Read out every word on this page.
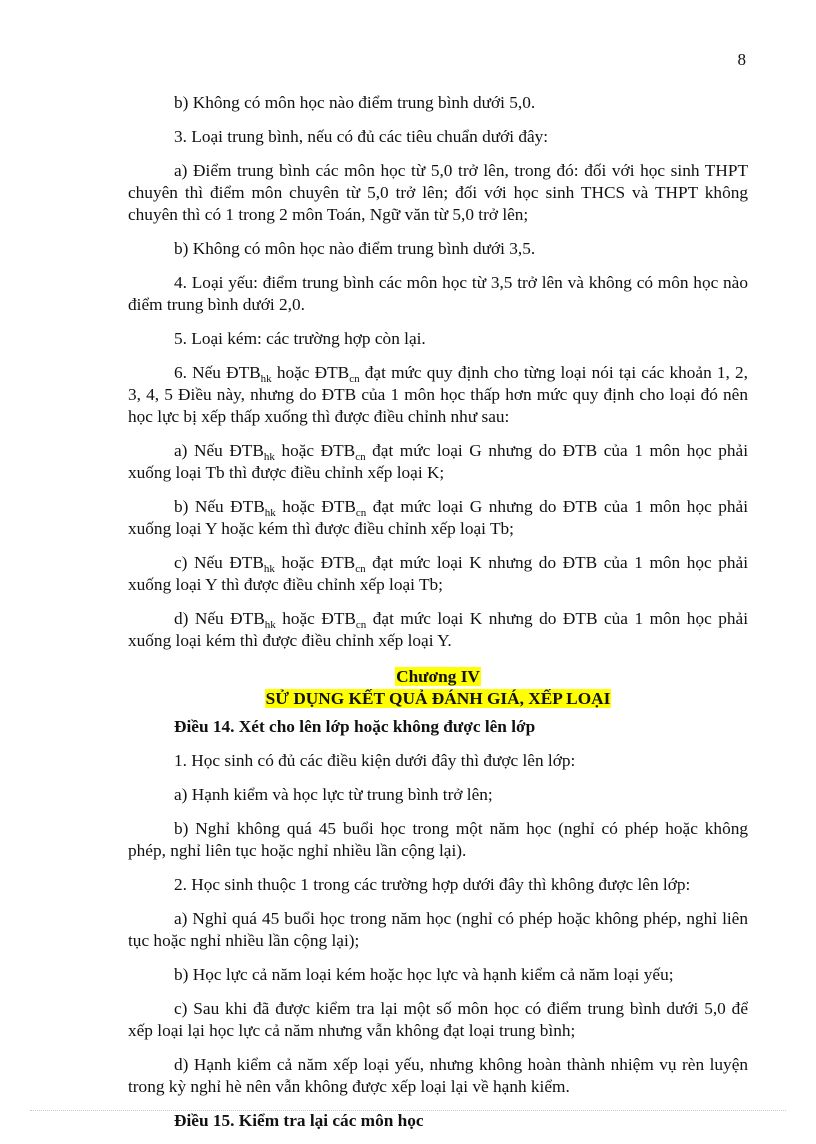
8

b) Không có môn học nào điểm trung bình dưới 5,0.

3. Loại trung bình, nếu có đủ các tiêu chuẩn dưới đây:

a) Điểm trung bình các môn học từ 5,0 trở lên, trong đó: đối với học sinh THPT chuyên thì điểm môn chuyên từ 5,0 trở lên; đối với học sinh THCS và THPT không chuyên thì có 1 trong 2 môn Toán, Ngữ văn từ 5,0 trở lên;

b) Không có môn học nào điểm trung bình dưới 3,5.

4. Loại yếu: điểm trung bình các môn học từ 3,5 trở lên và không có môn học nào điểm trung bình dưới 2,0.

5. Loại kém: các trường hợp còn lại.

6. Nếu $ĐTB_{hk}$ hoặc $ĐTB_{cn}$ đạt mức quy định cho từng loại nói tại các khoản 1, 2, 3, 4, 5 Điều này, nhưng do ĐTB của 1 môn học thấp hơn mức quy định cho loại đó nên học lực bị xếp thấp xuống thì được điều chỉnh như sau:

a) Nếu $ĐTB_{hk}$ hoặc $ĐTB_{cn}$ đạt mức loại G nhưng do ĐTB của 1 môn học phải xuống loại Tb thì được điều chỉnh xếp loại K;

b) Nếu $ĐTB_{hk}$ hoặc $ĐTB_{cn}$ đạt mức loại G nhưng do ĐTB của 1 môn học phải xuống loại Y hoặc kém thì được điều chỉnh xếp loại Tb;

c) Nếu $ĐTB_{hk}$ hoặc $ĐTB_{cn}$ đạt mức loại K nhưng do ĐTB của 1 môn học phải xuống loại Y thì được điều chỉnh xếp loại Tb;

d) Nếu $ĐTB_{hk}$ hoặc $ĐTB_{cn}$ đạt mức loại K nhưng do ĐTB của 1 môn học phải xuống loại kém thì được điều chỉnh xếp loại Y.

Chương IV
SỬ DỤNG KẾT QUẢ ĐÁNH GIÁ, XẾP LOẠI

Điều 14. Xét cho lên lớp hoặc không được lên lớp

1. Học sinh có đủ các điều kiện dưới đây thì được lên lớp:

a) Hạnh kiểm và học lực từ trung bình trở lên;

b) Nghỉ không quá 45 buổi học trong một năm học (nghỉ có phép hoặc không phép, nghỉ liên tục hoặc nghỉ nhiều lần cộng lại).

2. Học sinh thuộc 1 trong các trường hợp dưới đây thì không được lên lớp:

a) Nghỉ quá 45 buổi học trong năm học (nghỉ có phép hoặc không phép, nghỉ liên tục hoặc nghỉ nhiều lần cộng lại);

b) Học lực cả năm loại kém hoặc học lực và hạnh kiểm cả năm loại yếu;

c) Sau khi đã được kiểm tra lại một số môn học có điểm trung bình dưới 5,0 để xếp loại lại học lực cả năm nhưng vẫn không đạt loại trung bình;

d) Hạnh kiểm cả năm xếp loại yếu, nhưng không hoàn thành nhiệm vụ rèn luyện trong kỳ nghỉ hè nên vẫn không được xếp loại lại về hạnh kiểm.

Điều 15. Kiểm tra lại các môn học
